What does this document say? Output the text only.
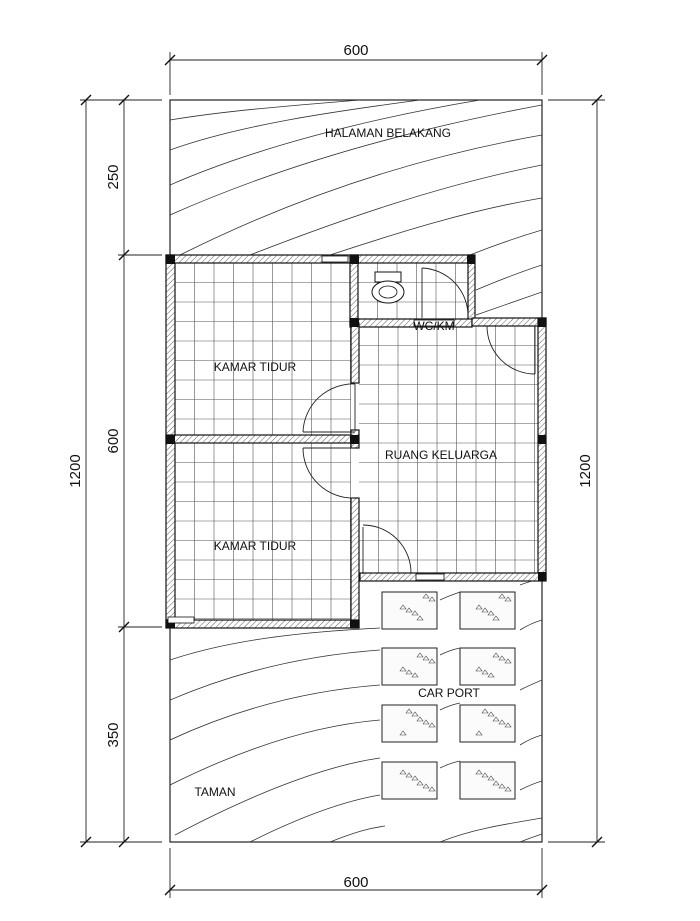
HALAMAN BELAKANG
KAMAR TIDUR
KAMAR TIDUR
WC/KM
RUANG KELUARGA
CAR PORT
TAMAN
600
600
1200
1200
250
600
350
